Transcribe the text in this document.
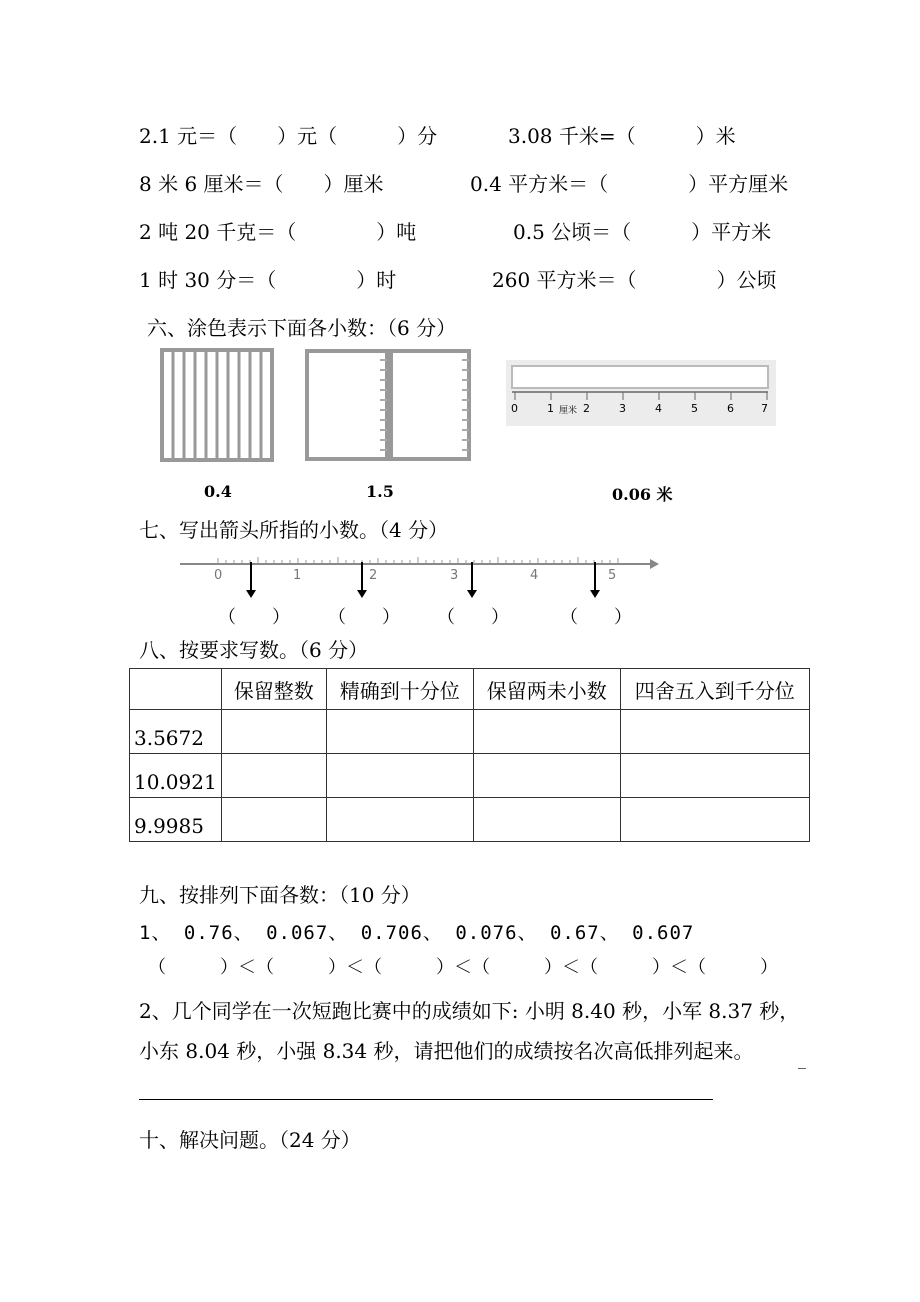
2.1 元＝（　　）元（　　　）分	3.08 千米=（　　　）米
8 米 6 厘米＝（　　）厘米	0.4 平方米＝（　　　　）平方厘米
2 吨 20 千克＝（　　　　）吨	0.5 公顷＝（　　　）平方米
1 时 30 分＝（　　　　）时	260 平方米＝（　　　　）公顷
六、涂色表示下面各小数：（6 分）
0	1 厘米 2	3	4	5	6 7
0.4	1.5	0.06 米
七、写出箭头所指的小数。（4 分）
0	1	2	3	4	5
（　　） （　　） （　　）	（　　）
八、按要求写数。（6 分）
	保留整数	精确到十分位	保留两未小数	四舍五入到千分位
3.5672				
10.0921				
9.9985				
九、按排列下面各数：（10 分）
1、 0.76、 0.067、 0.706、 0.076、 0.67、 0.607
（　　　）＜（　　　）＜（　　　）＜（　　　）＜（　　　）＜（　　　）
2、几个同学在一次短跑比赛中的成绩如下: 小明 8.40 秒，小军 8.37 秒，
小东 8.04 秒，小强 8.34 秒，请把他们的成绩按名次高低排列起来。	_
十、解决问题。（24 分）
